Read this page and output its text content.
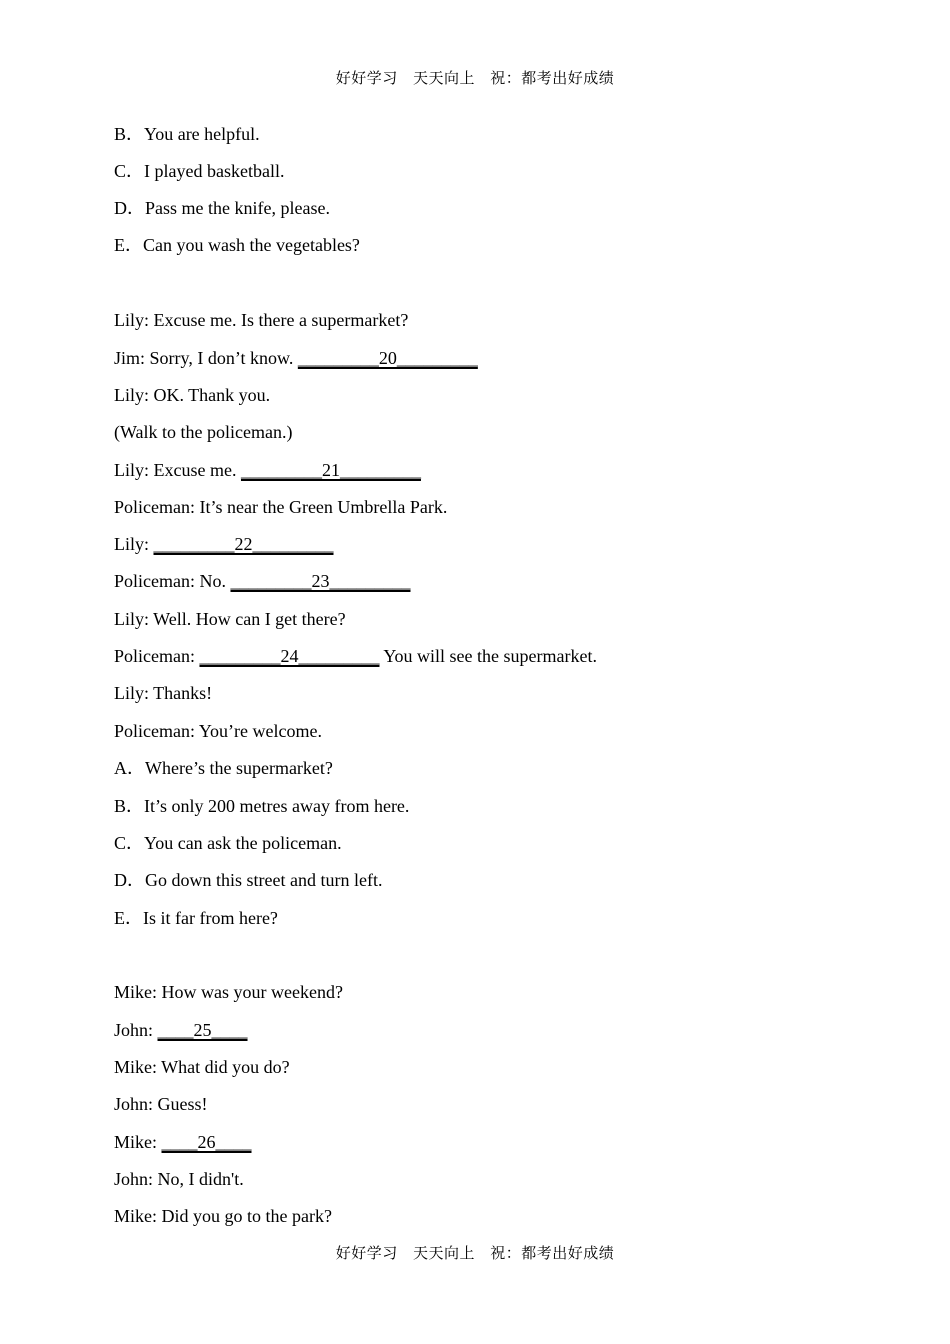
好好学习 天天向上 祝：都考出好成绩
B．You are helpful.
C．I played basketball.
D．Pass me the knife, please.
E．Can you wash the vegetables?
Lily: Excuse me. Is there a supermarket?
Jim: Sorry, I don’t know. _________20_________
Lily: OK. Thank you.
(Walk to the policeman.)
Lily: Excuse me. _________21_________
Policeman: It’s near the Green Umbrella Park.
Lily: _________22_________
Policeman: No. _________23_________
Lily: Well. How can I get there?
Policeman: _________24_________ You will see the supermarket.
Lily: Thanks!
Policeman: You’re welcome.
A．Where’s the supermarket?
B．It’s only 200 metres away from here.
C．You can ask the policeman.
D．Go down this street and turn left.
E．Is it far from here?
Mike: How was your weekend?
John: ____25____
Mike: What did you do?
John: Guess!
Mike: ____26____
John: No, I didn't.
Mike: Did you go to the park?
好好学习 天天向上 祝：都考出好成绩
